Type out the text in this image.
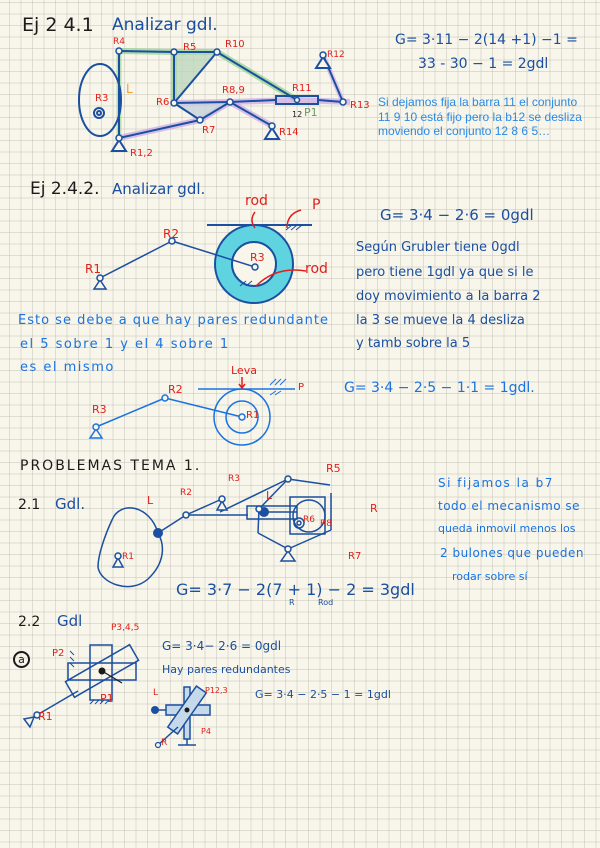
Ej 2 4.1 Analizar gdl.
R4	R5	R10
R12
R3
L
R6
R8,9	R11
R13
R7	R14
R1,2
P1
12
G= 3·11 − 2(14 +1) −1 =
33 - 30 − 1 = 2gdl
Si dejamos fija la barra 11 el conjunto 11 9 10 está fijo pero la b12 se desliza moviendo el conjunto 12 8 6 5…
Ej 2.4.2. Analizar gdl.
R1
R2
R3
rod
rod
P
G= 3·4 − 2·6 = 0gdl
Según Grubler tiene 0gdl
pero tiene 1gdl ya que si le
doy movimiento a la barra 2
la 3 se mueve la 4 desliza
y tamb sobre la 5
Esto se debe a que hay pares redundante
el 5 sobre 1 y el 4 sobre 1
es el mismo
R3
R2
R1
Leva
P	G= 3·4 − 2·5 − 1·1 = 1gdl.
PROBLEMAS TEMA 1.
2.1 Gdl.	L
R2
R3
R1
L
R5
R6 R8
R
R7
G= 3·7 − 2(7 + 1) − 2 = 3gdl
R	Rod
Si fijamos la b7
todo el mecanismo se
queda inmovil menos los
2 bulones que pueden
rodar sobre sí
2.2 Gdl
a
P3,4,5
P2
P1
R1
G= 3·4− 2·6 = 0gdl
Hay pares redundantes
L	P12,3
P4
R
G= 3·4 − 2·5 − 1 = 1gdl
